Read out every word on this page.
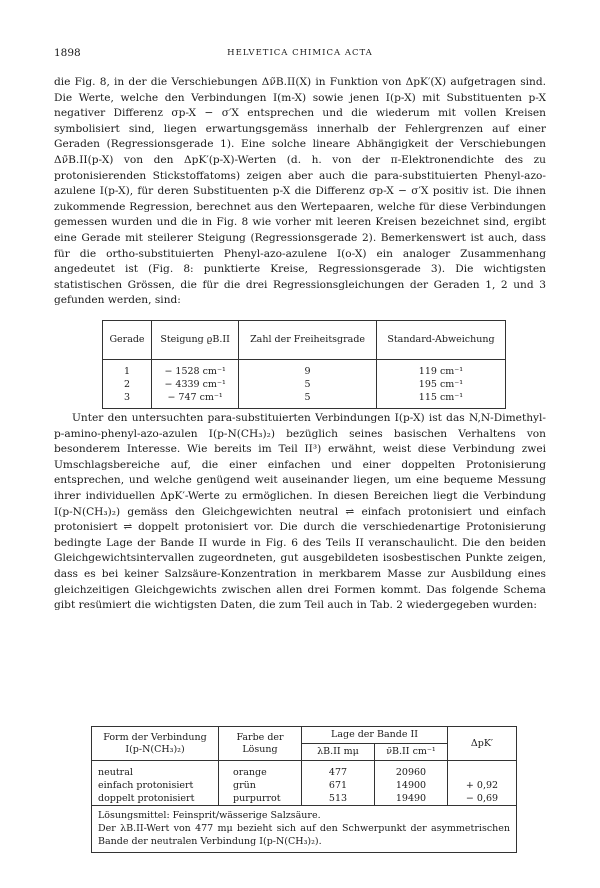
1898	HELVETICA CHIMICA ACTA
die Fig. 8, in der die Verschiebungen Δν̃B.II(X) in Funktion von ΔpK′(X) aufgetragen sind. Die Werte, welche den Verbindungen I(m-X) sowie jenen I(p-X) mit Substituenten p-X negativer Differenz σp-X − σ′X entsprechen und die wiederum mit vollen Kreisen symbolisiert sind, liegen erwartungsgemäss innerhalb der Fehlergrenzen auf einer Geraden (Regressionsgerade 1). Eine solche lineare Abhängigkeit der Verschiebungen Δν̃B.II(p-X) von den ΔpK′(p-X)-Werten (d. h. von der π-Elektronendichte des zu protonisierenden Stickstoffatoms) zeigen aber auch die para-substituierten Phenyl-azo-azulene I(p-X), für deren Substituenten p-X die Differenz σp-X − σ′X positiv ist. Die ihnen zukommende Regression, berechnet aus den Wertepaaren, welche für diese Verbindungen gemessen wurden und die in Fig. 8 wie vorher mit leeren Kreisen bezeichnet sind, ergibt eine Gerade mit steilerer Steigung (Regressionsgerade 2). Bemerkenswert ist auch, dass für die ortho-substituierten Phenyl-azo-azulene I(o-X) ein analoger Zusammenhang angedeutet ist (Fig. 8: punktierte Kreise, Regressionsgerade 3). Die wichtigsten statistischen Grössen, die für die drei Regressionsgleichungen der Geraden 1, 2 und 3 gefunden werden, sind:
Gerade	Steigung ϱB.II	Zahl der Freiheitsgrade	Standard-Abweichung
1	− 1528 cm⁻¹	9	119 cm⁻¹
2	− 4339 cm⁻¹	5	195 cm⁻¹
3	− 747 cm⁻¹	5	115 cm⁻¹
Unter den untersuchten para-substituierten Verbindungen I(p-X) ist das N,N-Dimethyl-p-amino-phenyl-azo-azulen I(p-N(CH₃)₂) bezüglich seines basischen Verhaltens von besonderem Interesse. Wie bereits im Teil II³) erwähnt, weist diese Verbindung zwei Umschlagsbereiche auf, die einer einfachen und einer doppelten Protonisierung entsprechen, und welche genügend weit auseinander liegen, um eine bequeme Messung ihrer individuellen ΔpK′-Werte zu ermöglichen. In diesen Bereichen liegt die Verbindung I(p-N(CH₃)₂) gemäss den Gleichgewichten neutral ⇌ einfach protonisiert und einfach protonisiert ⇌ doppelt protonisiert vor. Die durch die verschiedenartige Protonisierung bedingte Lage der Bande II wurde in Fig. 6 des Teils II veranschaulicht. Die den beiden Gleichgewichtsintervallen zugeordneten, gut ausgebildeten isosbestischen Punkte zeigen, dass es bei keiner Salzsäure-Konzentration in merkbarem Masse zur Ausbildung eines gleichzeitigen Gleichgewichts zwischen allen drei Formen kommt. Das folgende Schema gibt resümiert die wichtigsten Daten, die zum Teil auch in Tab. 2 wiedergegeben wurden:
Form der Verbindung I(p-N(CH₃)₂)	Farbe der Lösung	Lage der Bande II		ΔpK′
		λB.II mμ	ν̃B.II cm⁻¹	
neutral	orange	477	20960	
einfach protonisiert	grün	671	14900	+ 0,92
doppelt protonisiert	purpurrot	513	19490	− 0,69

Lösungsmittel: Feinsprit/wässerige Salzsäure.
Der λB.II-Wert von 477 mμ bezieht sich auf den Schwerpunkt der asymmetrischen Bande der neutralen Verbindung I(p-N(CH₃)₂).				
